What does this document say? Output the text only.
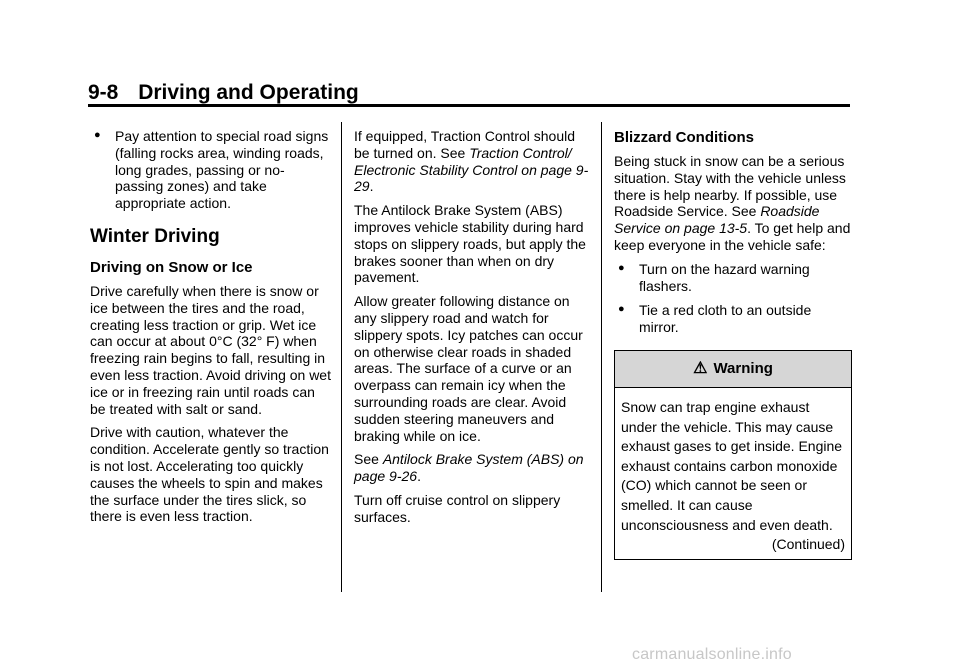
9-8 Driving and Operating
● Pay attention to special road signs (falling rocks area, winding roads, long grades, passing or no-passing zones) and take appropriate action.
Winter Driving
Driving on Snow or Ice

Drive carefully when there is snow or ice between the tires and the road, creating less traction or grip. Wet ice can occur at about 0°C (32° F) when freezing rain begins to fall, resulting in even less traction. Avoid driving on wet ice or in freezing rain until roads can be treated with salt or sand.

Drive with caution, whatever the condition. Accelerate gently so traction is not lost. Accelerating too quickly causes the wheels to spin and makes the surface under the tires slick, so there is even less traction.

If equipped, Traction Control should be turned on. See Traction Control/ Electronic Stability Control on page 9-29.

The Antilock Brake System (ABS) improves vehicle stability during hard stops on slippery roads, but apply the brakes sooner than when on dry pavement.

Allow greater following distance on any slippery road and watch for slippery spots. Icy patches can occur on otherwise clear roads in shaded areas. The surface of a curve or an overpass can remain icy when the surrounding roads are clear. Avoid sudden steering maneuvers and braking while on ice.

See Antilock Brake System (ABS) on page 9-26.

Turn off cruise control on slippery surfaces.

Blizzard Conditions

Being stuck in snow can be a serious situation. Stay with the vehicle unless there is help nearby. If possible, use Roadside Service. See Roadside Service on page 13-5. To get help and keep everyone in the vehicle safe:

● Turn on the hazard warning flashers.
● Tie a red cloth to an outside mirror.
⚠ Warning
Snow can trap engine exhaust under the vehicle. This may cause exhaust gases to get inside. Engine exhaust contains carbon monoxide (CO) which cannot be seen or smelled. It can cause unconsciousness and even death.
(Continued)
carmanualsonline.info
